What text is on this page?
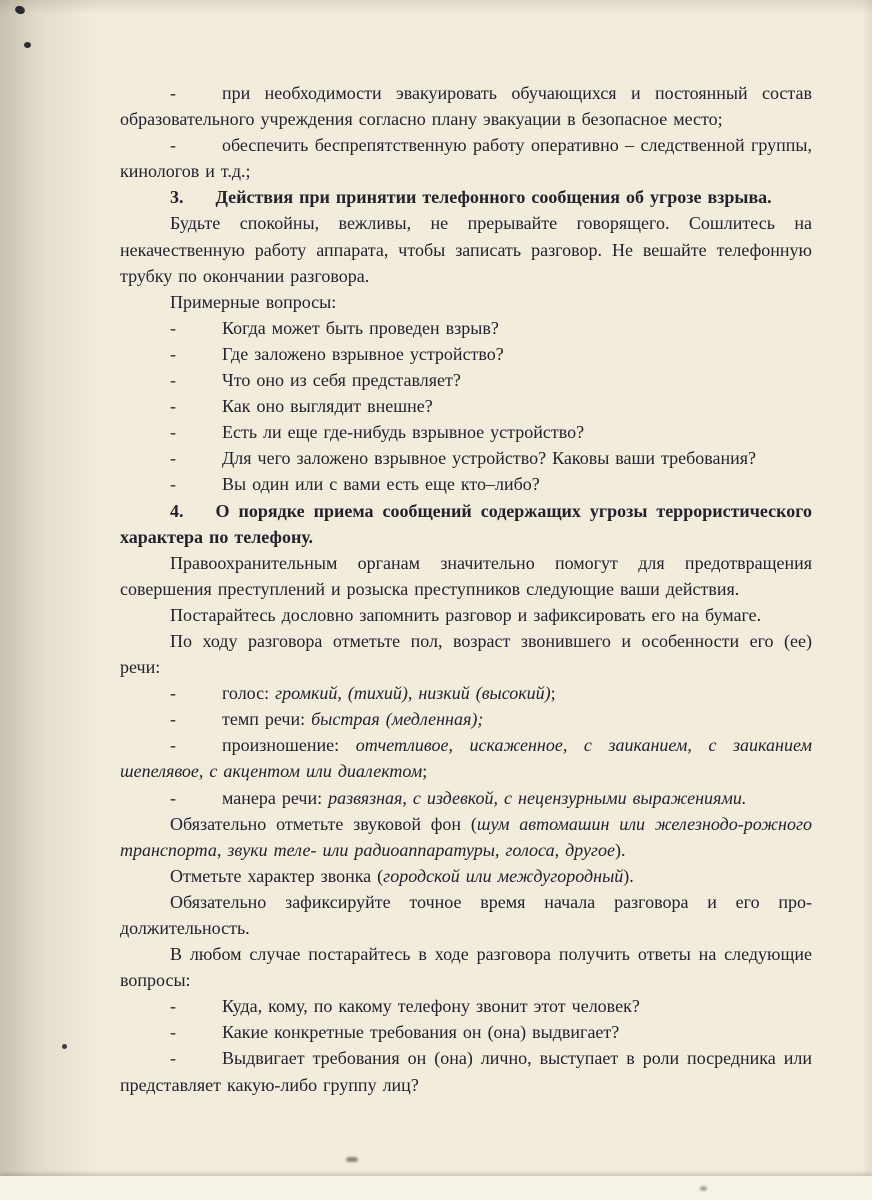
-	при необходимости эвакуировать обучающихся и постоянный состав образовательного учреждения согласно плану эвакуации в безопасное место;

-	обеспечить беспрепятственную работу оперативно – следственной группы, кинологов и т.д.;

3. Действия при принятии телефонного сообщения об угрозе взрыва.

Будьте спокойны, вежливы, не прерывайте говорящего. Сошлитесь на некачественную работу аппарата, чтобы записать разговор. Не вешайте телефонную трубку по окончании разговора.

Примерные вопросы:

-	Когда может быть проведен взрыв?

-	Где заложено взрывное устройство?

-	Что оно из себя представляет?

-	Как оно выглядит внешне?

-	Есть ли еще где-нибудь взрывное устройство?

-	Для чего заложено взрывное устройство? Каковы ваши требования?

-	Вы один или с вами есть еще кто–либо?

4. О порядке приема сообщений содержащих угрозы террористического характера по телефону.

Правоохранительным органам значительно помогут для предотвращения совершения преступлений и розыска преступников следующие ваши действия.

Постарайтесь дословно запомнить разговор и зафиксировать его на бумаге.

По ходу разговора отметьте пол, возраст звонившего и особенности его (ее) речи:

-	голос: громкий, (тихий), низкий (высокий);

-	темп речи: быстрая (медленная);

-	произношение: отчетливое, искаженное, с заиканием, с заиканием шепелявое, с акцентом или диалектом;

-	манера речи: развязная, с издевкой, с нецензурными выражениями.

Обязательно отметьте звуковой фон (шум автомашин или железнодо-рожного транспорта, звуки теле- или радиоаппаратуры, голоса, другое).

Отметьте характер звонка (городской или междугородный).

Обязательно зафиксируйте точное время начала разговора и его про-должительность.

В любом случае постарайтесь в ходе разговора получить ответы на следующие вопросы:

-	Куда, кому, по какому телефону звонит этот человек?

-	Какие конкретные требования он (она) выдвигает?

-	Выдвигает требования он (она) лично, выступает в роли посредника или представляет какую-либо группу лиц?
